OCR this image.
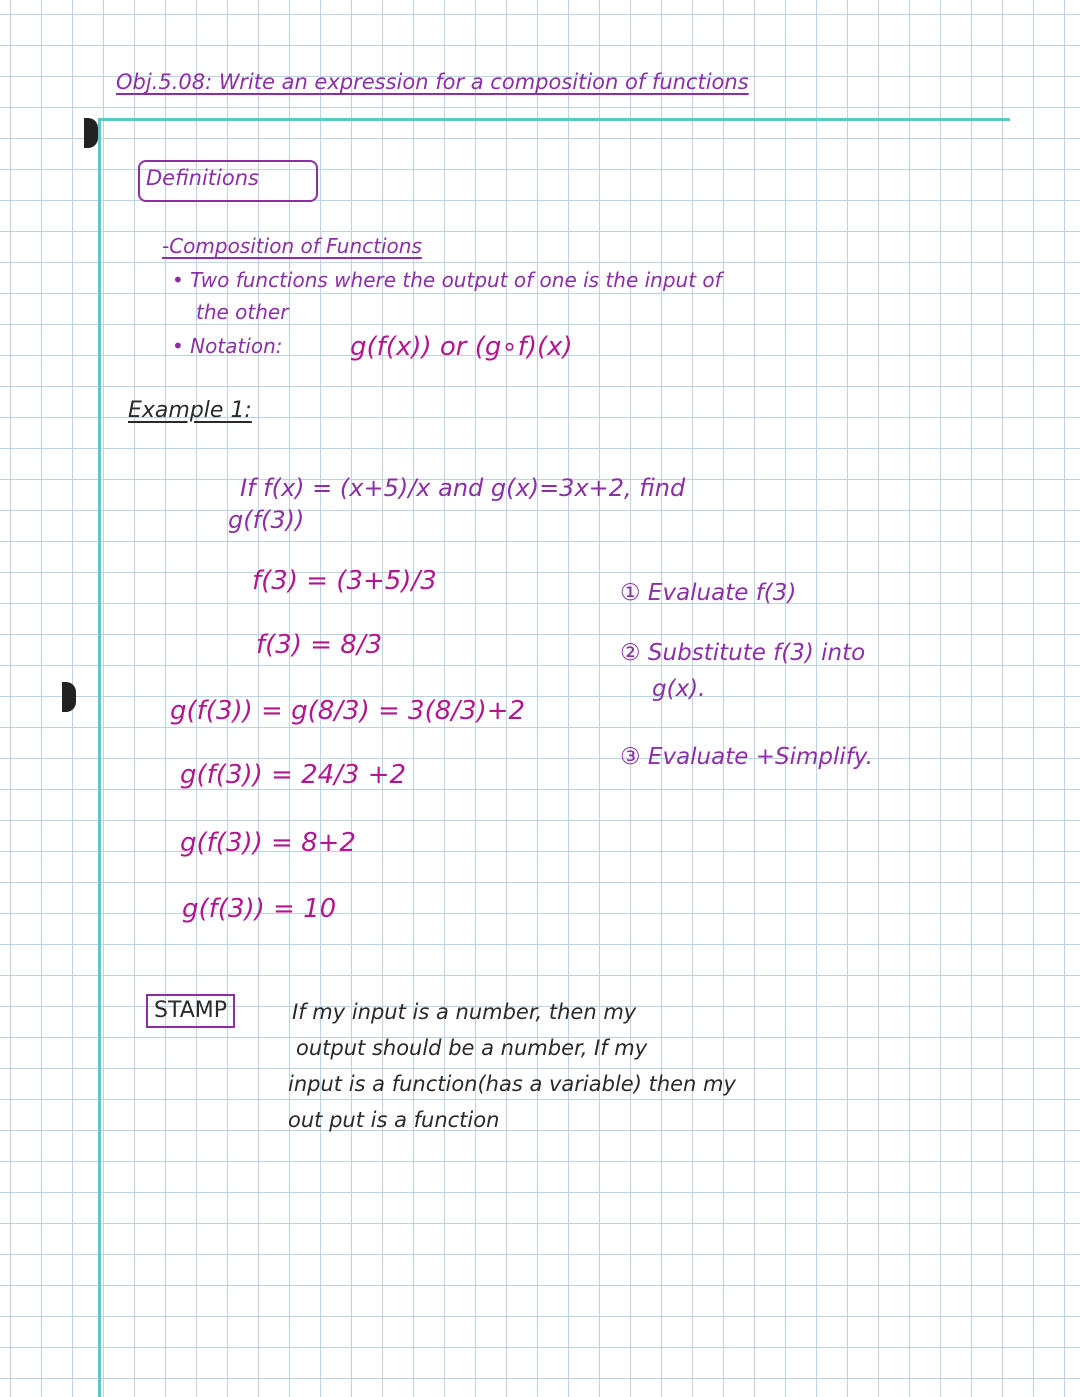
Obj.5.08: Write an expression for a composition of functions
Definitions
-Composition of Functions
• Two functions where the output of one is the input of
the other
• Notation:	g(f(x)) or (g∘f)(x)
Example 1:
If f(x) = (x+5)/x and g(x)=3x+2, find
g(f(3))
f(3) = (3+5)/3
f(3) = 8/3
g(f(3)) = g(8/3) = 3(8/3)+2
g(f(3)) = 24/3 +2
g(f(3)) = 8+2
g(f(3)) = 10
① Evaluate f(3)
② Substitute f(3) into
g(x).
③ Evaluate +Simplify.
STAMP	If my input is a number, then my
output should be a number, If my
input is a function(has a variable) then my
out put is a function
